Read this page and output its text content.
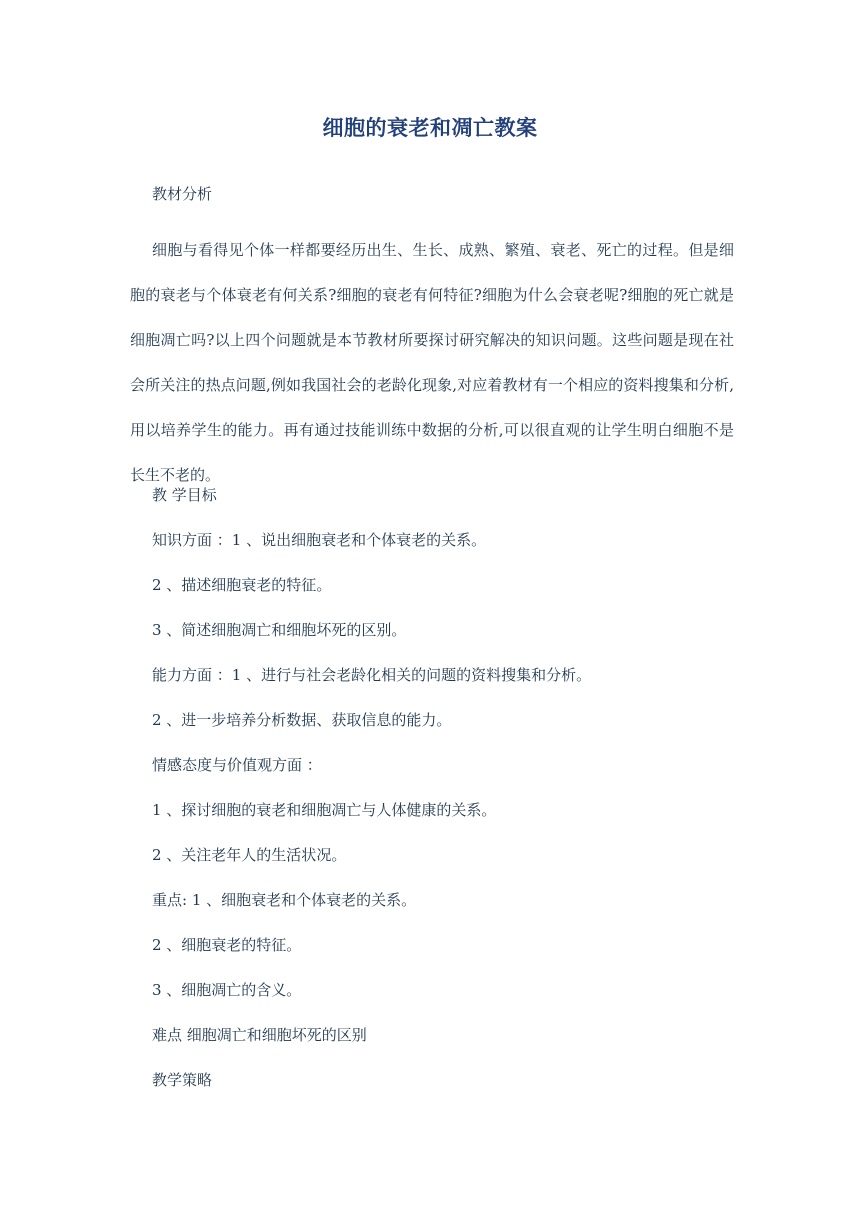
细胞的衰老和凋亡教案
教材分析
细胞与看得见个体一样都要经历出生、生长、成熟、繁殖、衰老、死亡的过程。但是细胞的衰老与个体衰老有何关系?细胞的衰老有何特征?细胞为什么会衰老呢?细胞的死亡就是细胞凋亡吗?以上四个问题就是本节教材所要探讨研究解决的知识问题。这些问题是现在社会所关注的热点问题,例如我国社会的老龄化现象,对应着教材有一个相应的资料搜集和分析,用以培养学生的能力。再有通过技能训练中数据的分析,可以很直观的让学生明白细胞不是长生不老的。
教 学目标
知识方面 ：1 、说出细胞衰老和个体衰老的关系。
2 、描述细胞衰老的特征。
3 、简述细胞凋亡和细胞坏死的区别。
能力方面 ：1 、进行与社会老龄化相关的问题的资料搜集和分析。
2 、进一步培养分析数据、获取信息的能力。
情感态度与价值观方面 ：
1 、探讨细胞的衰老和细胞凋亡与人体健康的关系。
2 、关注老年人的生活状况。
重点: 1 、细胞衰老和个体衰老的关系。
2 、细胞衰老的特征。
3 、细胞凋亡的含义。
难点 细胞凋亡和细胞坏死的区别
教学策略
